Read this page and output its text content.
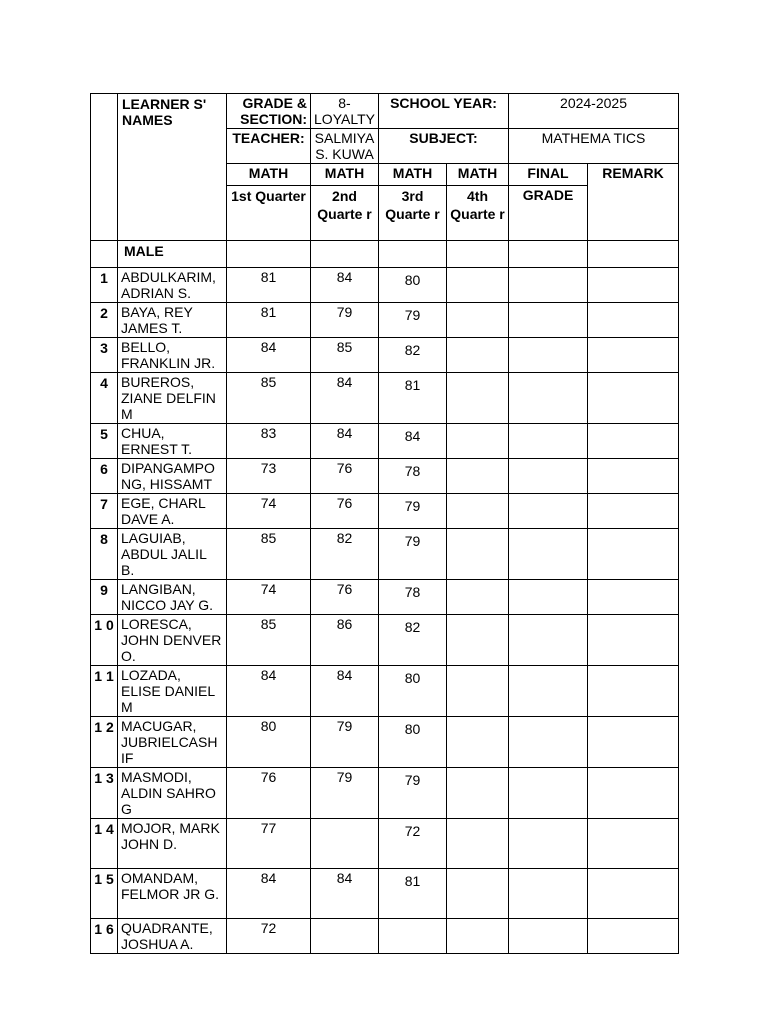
	LEARNER S' NAMES	GRADE & SECTION:	8-LOYALTY	SCHOOL YEAR:		2024-2025	
		TEACHER:	SALMIYA S. KUWA	SUBJECT:		MATHEMA TICS	
		MATH	MATH	MATH	MATH	FINAL	REMARK
		1st Quarter	2nd Quarte r	3rd Quarte r	4th Quarte r	GRADE	
	MALE						
1	ABDULKARIM, ADRIAN S.	81	84	80			
2	BAYA, REY JAMES T.	81	79	79			
3	BELLO, FRANKLIN JR.	84	85	82			
4	BUREROS, ZIANE DELFIN M	85	84	81			
5	CHUA, ERNEST T.	83	84	84			
6	DIPANGAMPO NG, HISSAMT	73	76	78			
7	EGE, CHARL DAVE A.	74	76	79			
8	LAGUIAB, ABDUL JALIL B.	85	82	79			
9	LANGIBAN, NICCO JAY G.	74	76	78			
1 0	LORESCA, JOHN DENVER O.	85	86	82			
1 1	LOZADA, ELISE DANIEL M	84	84	80			
1 2	MACUGAR, JUBRIELCASH IF	80	79	80			
1 3	MASMODI, ALDIN SAHRO G	76	79	79			
1 4	MOJOR, MARK JOHN D.	77		72			
1 5	OMANDAM, FELMOR JR G.	84	84	81			
1 6	QUADRANTE, JOSHUA A.	72					
